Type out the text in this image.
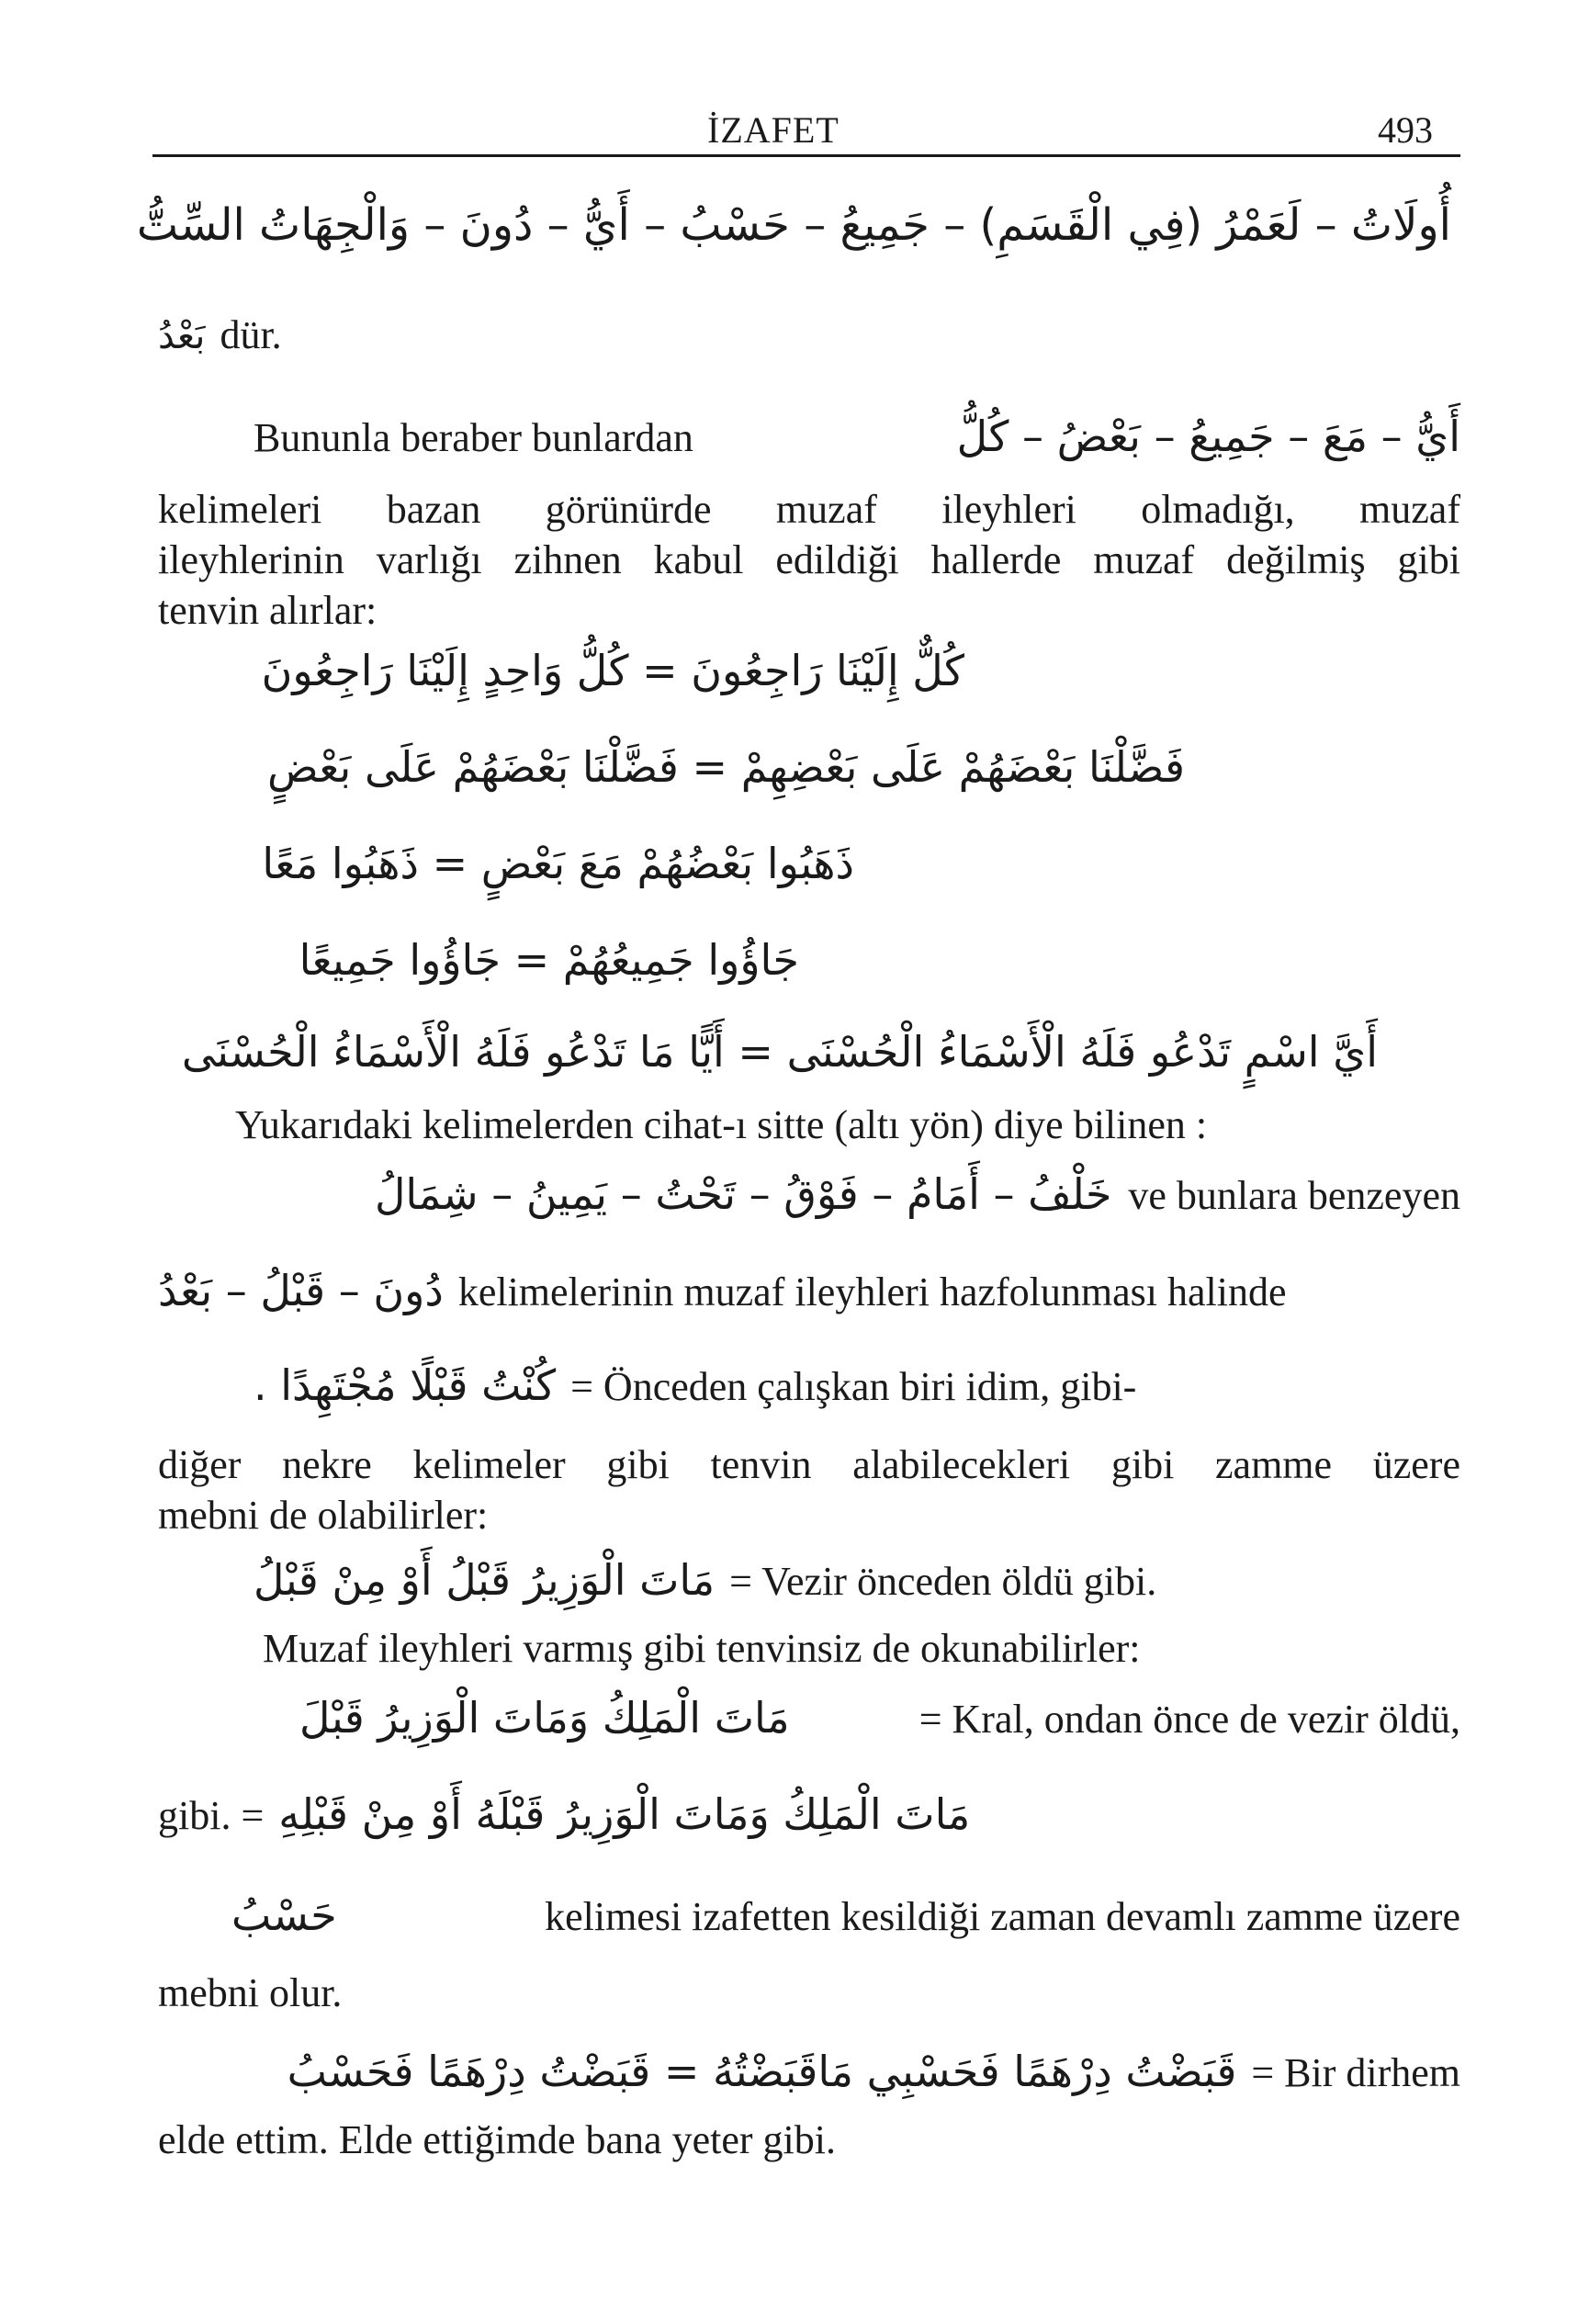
İZAFET	493
أُولَاتُ – لَعَمْرُ (فِي الْقَسَمِ) – جَمِيعُ – حَسْبُ – أَيُّ – دُونَ – وَالْجِهَاتُ السِّتُّ
بَعْدُ dür.
Bununla beraber bunlardan	أَيُّ – مَعَ – جَمِيعُ – بَعْضُ – كُلُّ
kelimeleri bazan görünürde muzaf ileyhleri olmadığı, muzaf
ileyhlerinin varlığı zihnen kabul edildiği hallerde muzaf değilmiş gibi
tenvin alırlar:
كُلٌّ إِلَيْنَا رَاجِعُونَ = كُلُّ وَاحِدٍ إِلَيْنَا رَاجِعُونَ
فَضَّلْنَا بَعْضَهُمْ عَلَى بَعْضِهِمْ = فَضَّلْنَا بَعْضَهُمْ عَلَى بَعْضٍ
ذَهَبُوا بَعْضُهُمْ مَعَ بَعْضٍ = ذَهَبُوا مَعًا
جَاؤُوا جَمِيعُهُمْ = جَاؤُوا جَمِيعًا
أَيَّ اسْمٍ تَدْعُو فَلَهُ الْأَسْمَاءُ الْحُسْنَى = أَيًّا مَا تَدْعُو فَلَهُ الْأَسْمَاءُ الْحُسْنَى
Yukarıdaki kelimelerden cihat-ı sitte (altı yön) diye bilinen :
خَلْفُ – أَمَامُ – فَوْقُ – تَحْتُ – يَمِينُ – شِمَالُ ve bunlara benzeyen
دُونَ – قَبْلُ – بَعْدُ kelimelerinin muzaf ileyhleri hazfolunması halinde
كُنْتُ قَبْلًا مُجْتَهِدًا . = Önceden çalışkan biri idim, gibi-
diğer nekre kelimeler gibi tenvin alabilecekleri gibi zamme üzere
mebni de olabilirler:
مَاتَ الْوَزِيرُ قَبْلُ أَوْ مِنْ قَبْلُ = Vezir önceden öldü gibi.
Muzaf ileyhleri varmış gibi tenvinsiz de okunabilirler:
مَاتَ الْمَلِكُ وَمَاتَ الْوَزِيرُ قَبْلَ	= Kral, ondan önce de vezir öldü,
gibi. = مَاتَ الْمَلِكُ وَمَاتَ الْوَزِيرُ قَبْلَهُ أَوْ مِنْ قَبْلِهِ
حَسْبُ	kelimesi izafetten kesildiği zaman devamlı zamme üzere
mebni olur.
قَبَضْتُ دِرْهَمًا فَحَسْبِي مَاقَبَضْتُهُ = قَبَضْتُ دِرْهَمًا فَحَسْبُ = Bir dirhem
elde ettim. Elde ettiğimde bana yeter gibi.
